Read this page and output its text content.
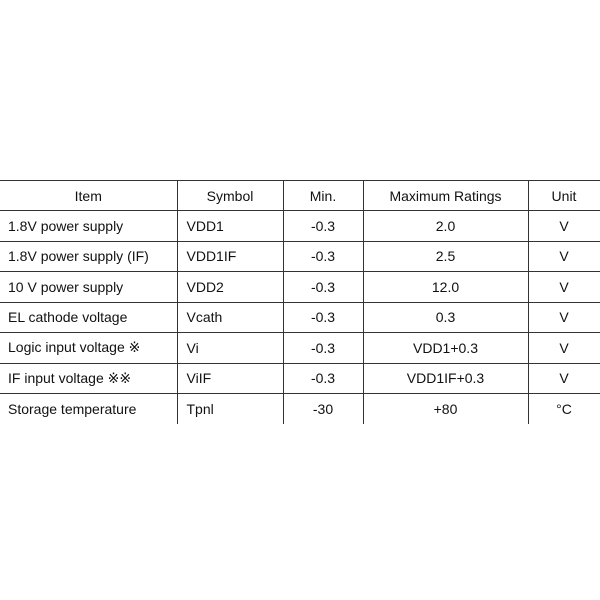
Item	Symbol	Min.	Maximum Ratings	Unit
1.8V power supply	VDD1	-0.3	2.0	V
1.8V power supply (IF)	VDD1IF	-0.3	2.5	V
10 V power supply	VDD2	-0.3	12.0	V
EL cathode voltage	Vcath	-0.3	0.3	V
Logic input voltage ※	Vi	-0.3	VDD1+0.3	V
IF input voltage ※※	ViIF	-0.3	VDD1IF+0.3	V
Storage temperature	Tpnl	-30	+80	°C
